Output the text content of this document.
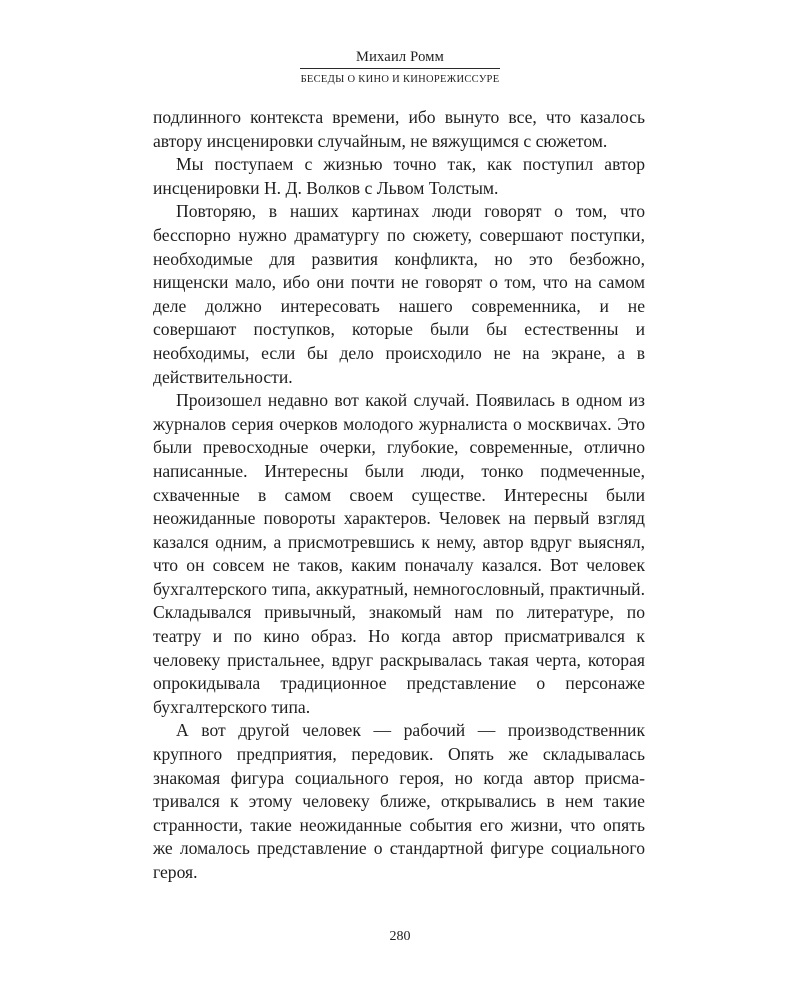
Михаил Ромм
БЕСЕДЫ О КИНО И КИНОРЕЖИССУРЕ

подлинного контекста времени, ибо вынуто все, что казалось автору инсценировки случайным, не вяжущимся с сюжетом.

Мы поступаем с жизнью точно так, как поступил автор инсценировки Н. Д. Волков с Львом Толстым.

Повторяю, в наших картинах люди говорят о том, что бесспорно нужно драматургу по сюжету, совершают поступки, необходимые для развития конфликта, но это безбожно, нищенски мало, ибо они почти не говорят о том, что на самом деле должно интересовать нашего современника, и не совершают поступков, которые были бы естественны и необходимы, если бы дело происходило не на экране, а в действительности.

Произошел недавно вот какой случай. Появилась в одном из журналов серия очерков молодого журналиста о москвичах. Это были превосходные очерки, глубокие, современные, отлично написанные. Интересны были люди, тонко подмеченные, схваченные в самом своем существе. Интересны были неожиданные повороты характеров. Человек на первый взгляд казался одним, а присмотревшись к нему, автор вдруг выяснял, что он совсем не таков, каким поначалу казался. Вот человек бухгалтерского типа, аккуратный, немногословный, практичный. Складывался привычный, знакомый нам по литературе, по театру и по кино образ. Но когда автор присматривался к человеку пристальнее, вдруг раскрывалась такая черта, которая опрокидывала традиционное представление о персонаже бухгалтерского типа.

А вот другой человек — рабочий — производственник крупного предприятия, передовик. Опять же складывалась знакомая фигура социального героя, но когда автор присматривался к этому человеку ближе, открывались в нем такие странности, такие неожиданные события его жизни, что опять же ломалось представление о стандартной фигуре социального героя.

280
